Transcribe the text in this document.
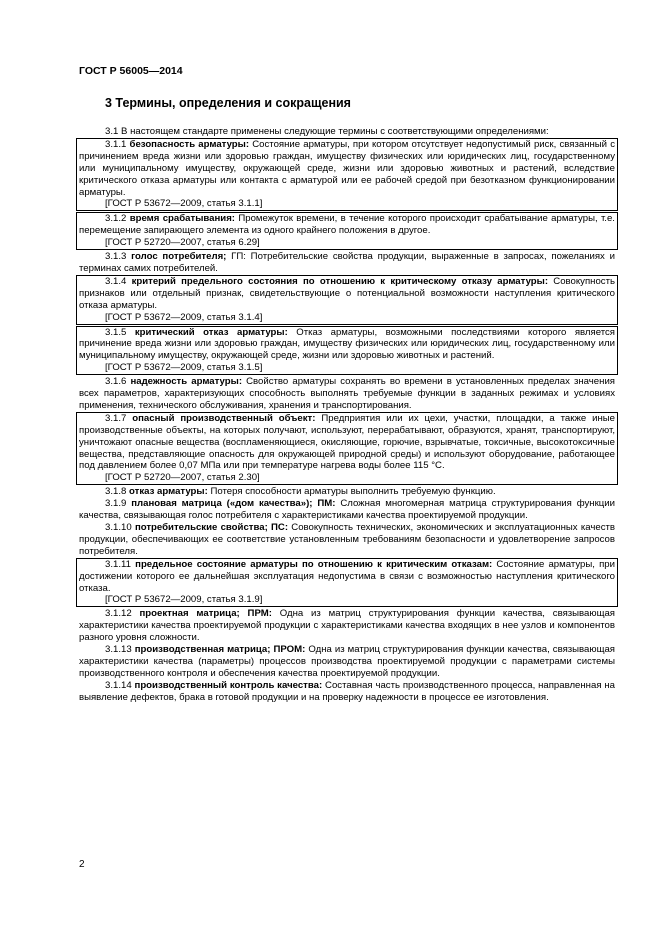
ГОСТ Р 56005—2014
3 Термины, определения и сокращения

3.1 В настоящем стандарте применены следующие термины с соответствующими определениями:

3.1.1 безопасность арматуры: Состояние арматуры, при котором отсутствует недопустимый риск, связанный с причинением вреда жизни или здоровью граждан, имуществу физических или юридических лиц, государственному или муниципальному имуществу, окружающей среде, жизни или здоровью животных и растений, вследствие критического отказа арматуры или контакта с арматурой или ее рабочей средой при безотказном функционировании арматуры.

[ГОСТ Р 53672—2009, статья 3.1.1]

3.1.2 время срабатывания: Промежуток времени, в течение которого происходит срабатывание арматуры, т.е. перемещение запирающего элемента из одного крайнего положения в другое.

[ГОСТ Р 52720—2007, статья 6.29]

3.1.3 голос потребителя; ГП: Потребительские свойства продукции, выраженные в запросах, пожеланиях и терминах самих потребителей.

3.1.4 критерий предельного состояния по отношению к критическому отказу арматуры: Совокупность признаков или отдельный признак, свидетельствующие о потенциальной возможности наступления критического отказа арматуры.

[ГОСТ Р 53672—2009, статья 3.1.4]

3.1.5 критический отказ арматуры: Отказ арматуры, возможными последствиями которого является причинение вреда жизни или здоровью граждан, имуществу физических или юридических лиц, государственному или муниципальному имуществу, окружающей среде, жизни или здоровью животных и растений.

[ГОСТ Р 53672—2009, статья 3.1.5]

3.1.6 надежность арматуры: Свойство арматуры сохранять во времени в установленных пределах значения всех параметров, характеризующих способность выполнять требуемые функции в заданных режимах и условиях применения, технического обслуживания, хранения и транспортирования.

3.1.7 опасный производственный объект: Предприятия или их цехи, участки, площадки, а также иные производственные объекты, на которых получают, используют, перерабатывают, образуются, хранят, транспортируют, уничтожают опасные вещества (воспламеняющиеся, окисляющие, горючие, взрывчатые, токсичные, высокотоксичные вещества, представляющие опасность для окружающей природной среды) и используют оборудование, работающее под давлением более 0,07 МПа или при температуре нагрева воды более 115 °С.

[ГОСТ Р 52720—2007, статья 2.30]

3.1.8 отказ арматуры: Потеря способности арматуры выполнить требуемую функцию.

3.1.9 плановая матрица («дом качества»); ПМ: Сложная многомерная матрица структурирования функции качества, связывающая голос потребителя с характеристиками качества проектируемой продукции.

3.1.10 потребительские свойства; ПС: Совокупность технических, экономических и эксплуатационных качеств продукции, обеспечивающих ее соответствие установленным требованиям безопасности и удовлетворение запросов потребителя.

3.1.11 предельное состояние арматуры по отношению к критическим отказам: Состояние арматуры, при достижении которого ее дальнейшая эксплуатация недопустима в связи с возможностью наступления критического отказа.

[ГОСТ Р 53672—2009, статья 3.1.9]

3.1.12 проектная матрица; ПРМ: Одна из матриц структурирования функции качества, связывающая характеристики качества проектируемой продукции с характеристиками качества входящих в нее узлов и компонентов разного уровня сложности.

3.1.13 производственная матрица; ПРОМ: Одна из матриц структурирования функции качества, связывающая характеристики качества (параметры) процессов производства проектируемой продукции с параметрами системы производственного контроля и обеспечения качества проектируемой продукции.

3.1.14 производственный контроль качества: Составная часть производственного процесса, направленная на выявление дефектов, брака в готовой продукции и на проверку надежности в процессе ее изготовления.

2
